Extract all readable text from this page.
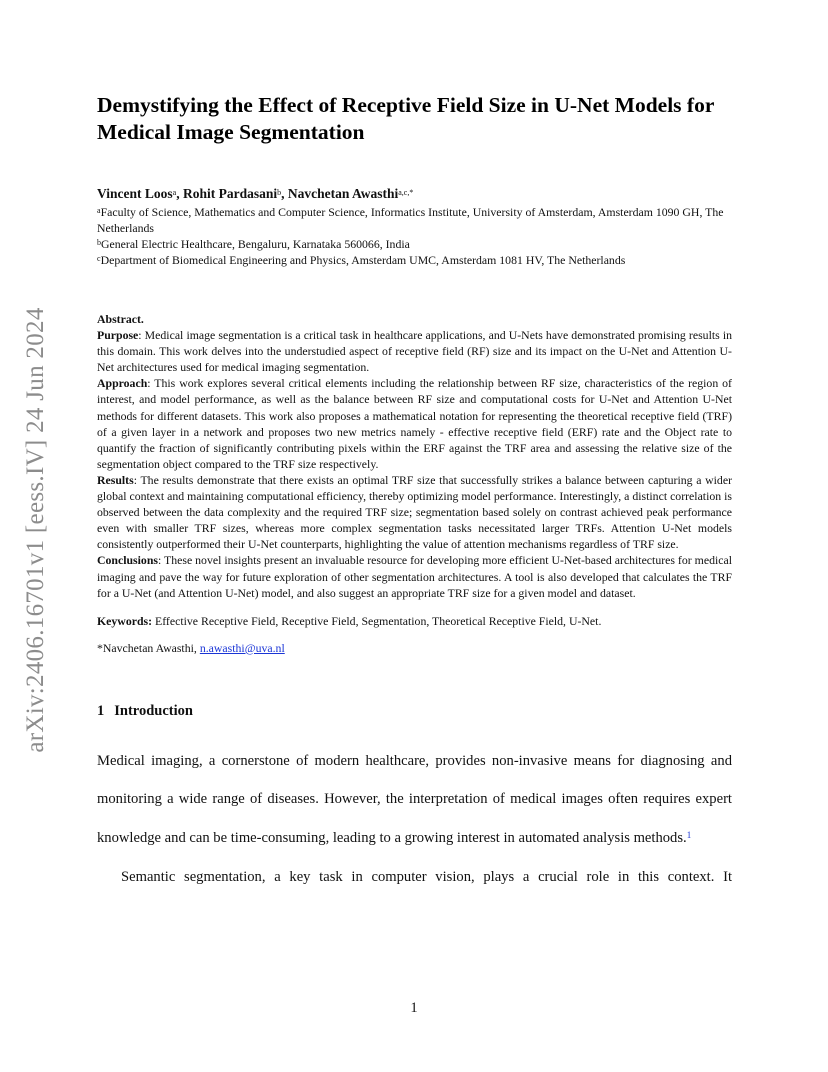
arXiv:2406.16701v1 [eess.IV] 24 Jun 2024
Demystifying the Effect of Receptive Field Size in U-Net Models for Medical Image Segmentation
Vincent Loos$^a$, Rohit Pardasani$^b$, Navchetan Awasthi$^{a,c,*}$
$^a$Faculty of Science, Mathematics and Computer Science, Informatics Institute, University of Amsterdam, Amsterdam 1090 GH, The Netherlands
$^b$General Electric Healthcare, Bengaluru, Karnataka 560066, India
$^c$Department of Biomedical Engineering and Physics, Amsterdam UMC, Amsterdam 1081 HV, The Netherlands
Abstract.
Purpose: Medical image segmentation is a critical task in healthcare applications, and U-Nets have demonstrated promising results in this domain. This work delves into the understudied aspect of receptive field (RF) size and its impact on the U-Net and Attention U-Net architectures used for medical imaging segmentation.
Approach: This work explores several critical elements including the relationship between RF size, characteristics of the region of interest, and model performance, as well as the balance between RF size and computational costs for U-Net and Attention U-Net methods for different datasets. This work also proposes a mathematical notation for representing the theoretical receptive field (TRF) of a given layer in a network and proposes two new metrics namely - effective receptive field (ERF) rate and the Object rate to quantify the fraction of significantly contributing pixels within the ERF against the TRF area and assessing the relative size of the segmentation object compared to the TRF size respectively.
Results: The results demonstrate that there exists an optimal TRF size that successfully strikes a balance between capturing a wider global context and maintaining computational efficiency, thereby optimizing model performance. Interestingly, a distinct correlation is observed between the data complexity and the required TRF size; segmentation based solely on contrast achieved peak performance even with smaller TRF sizes, whereas more complex segmentation tasks necessitated larger TRFs. Attention U-Net models consistently outperformed their U-Net counterparts, highlighting the value of attention mechanisms regardless of TRF size.
Conclusions: These novel insights present an invaluable resource for developing more efficient U-Net-based architectures for medical imaging and pave the way for future exploration of other segmentation architectures. A tool is also developed that calculates the TRF for a U-Net (and Attention U-Net) model, and also suggest an appropriate TRF size for a given model and dataset.
Keywords: Effective Receptive Field, Receptive Field, Segmentation, Theoretical Receptive Field, U-Net.
*Navchetan Awasthi, n.awasthi@uva.nl
1 Introduction

Medical imaging, a cornerstone of modern healthcare, provides non-invasive means for diagnosing and monitoring a wide range of diseases. However, the interpretation of medical images often requires expert knowledge and can be time-consuming, leading to a growing interest in automated analysis methods.$^1$

Semantic segmentation, a key task in computer vision, plays a crucial role in this context. It

1
